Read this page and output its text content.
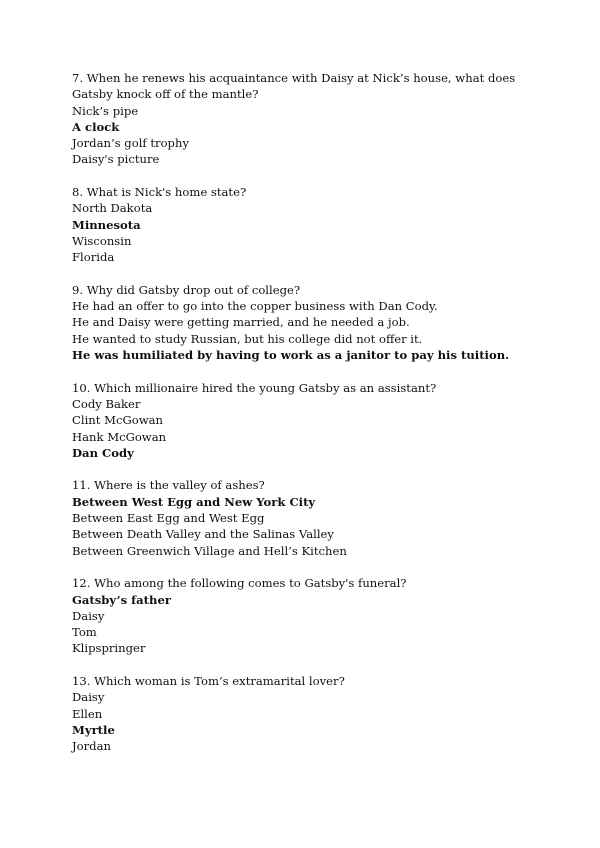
7. When he renews his acquaintance with Daisy at Nick’s house, what does Gatsby knock off of the mantle?
Nick’s pipe
A clock
Jordan’s golf trophy
Daisy's picture
8. What is Nick's home state?
North Dakota
Minnesota
Wisconsin
Florida
9. Why did Gatsby drop out of college?
He had an offer to go into the copper business with Dan Cody.
He and Daisy were getting married, and he needed a job.
He wanted to study Russian, but his college did not offer it.
He was humiliated by having to work as a janitor to pay his tuition.
10. Which millionaire hired the young Gatsby as an assistant?
Cody Baker
Clint McGowan
Hank McGowan
Dan Cody
11. Where is the valley of ashes?
Between West Egg and New York City
Between East Egg and West Egg
Between Death Valley and the Salinas Valley
Between Greenwich Village and Hell’s Kitchen
12. Who among the following comes to Gatsby's funeral?
Gatsby’s father
Daisy
Tom
Klipspringer
13. Which woman is Tom’s extramarital lover?
Daisy
Ellen
Myrtle
Jordan
